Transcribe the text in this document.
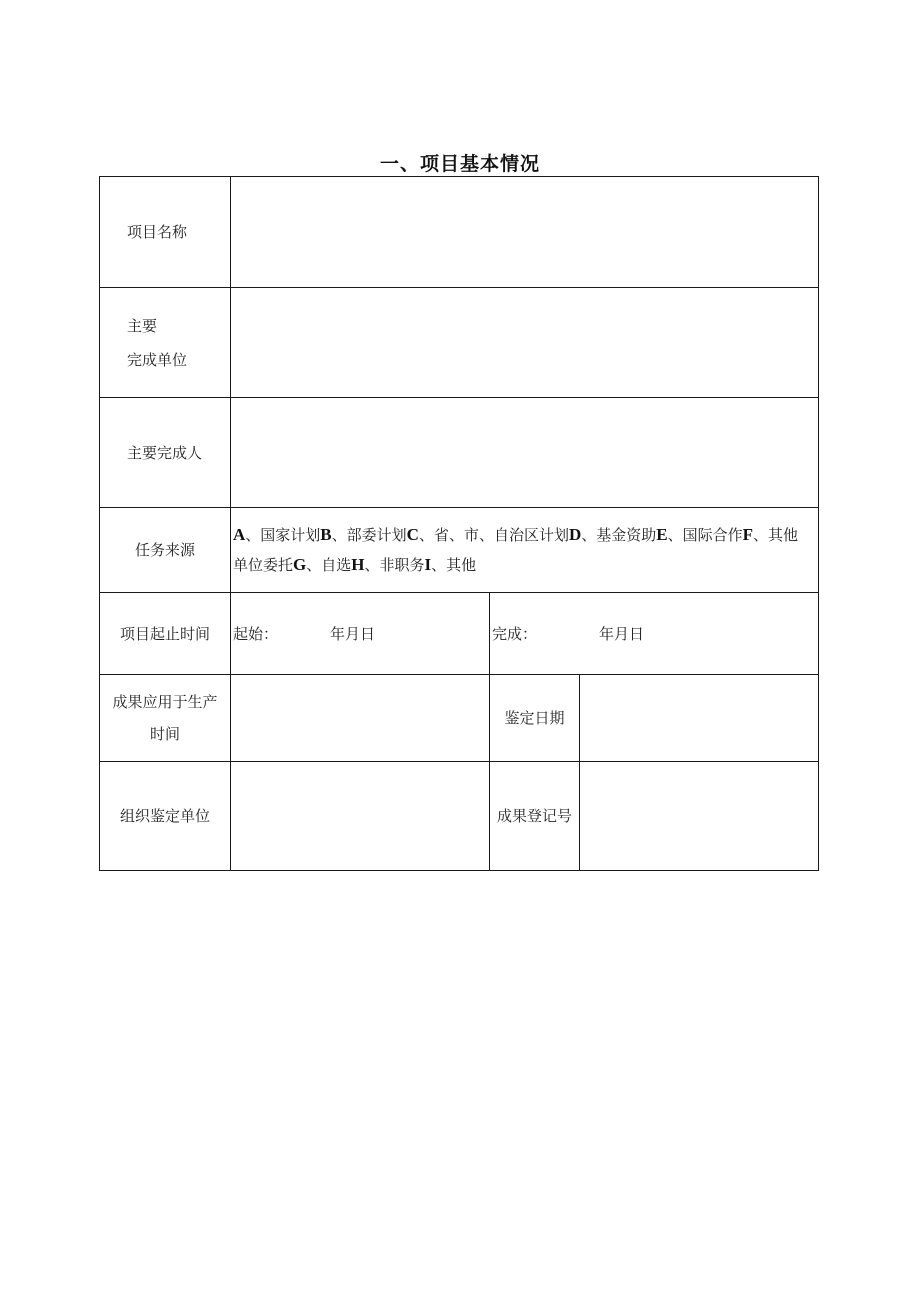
一、项目基本情况
项目名称			

主要
完成单位			

主要完成人			
任务来源	A、国家计划B、部委计划C、省、市、自治区计划D、基金资助E、国际合作F、其他单位委托G、自选H、非职务I、其他		
项目起止时间	起始： 年月日	完成： 年月日	

成果应用于生产
时间		鉴定日期	
组织鉴定单位		成果登记号	
